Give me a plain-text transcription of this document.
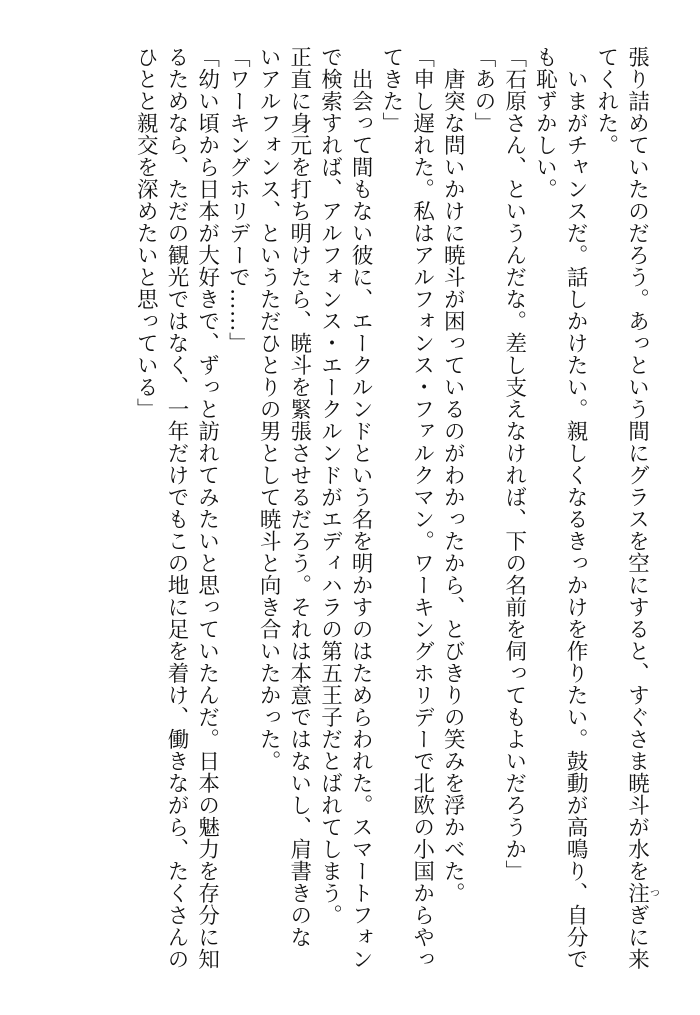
張り詰めていたのだろう。あっという間にグラスを空にすると、すぐさま暁斗が水を注つぎに来
てくれた。
いまがチャンスだ。話しかけたい。親しくなるきっかけを作りたい。鼓動が高鳴り、自分で
も恥ずかしい。
「石原さん、というんだな。差し支えなければ、下の名前を伺ってもよいだろうか」
「あの」
唐突な問いかけに暁斗が困っているのがわかったから、とびきりの笑みを浮かべた。
「申し遅れた。私はアルフォンス・ファルクマン。ワーキングホリデーで北欧の小国からやっ
てきた」
出会って間もない彼に、エークルンドという名を明かすのはためらわれた。スマートフォン
で検索すれば、アルフォンス・エークルンドがエディハラの第五王子だとばれてしまう。
正直に身元を打ち明けたら、暁斗を緊張させるだろう。それは本意ではないし、肩書きのな
いアルフォンス、というただひとりの男として暁斗と向き合いたかった。
「ワーキングホリデーで……」
「幼い頃から日本が大好きで、ずっと訪れてみたいと思っていたんだ。日本の魅力を存分に知
るためなら、ただの観光ではなく、一年だけでもこの地に足を着け、働きながら、たくさんの
ひとと親交を深めたいと思っている」
